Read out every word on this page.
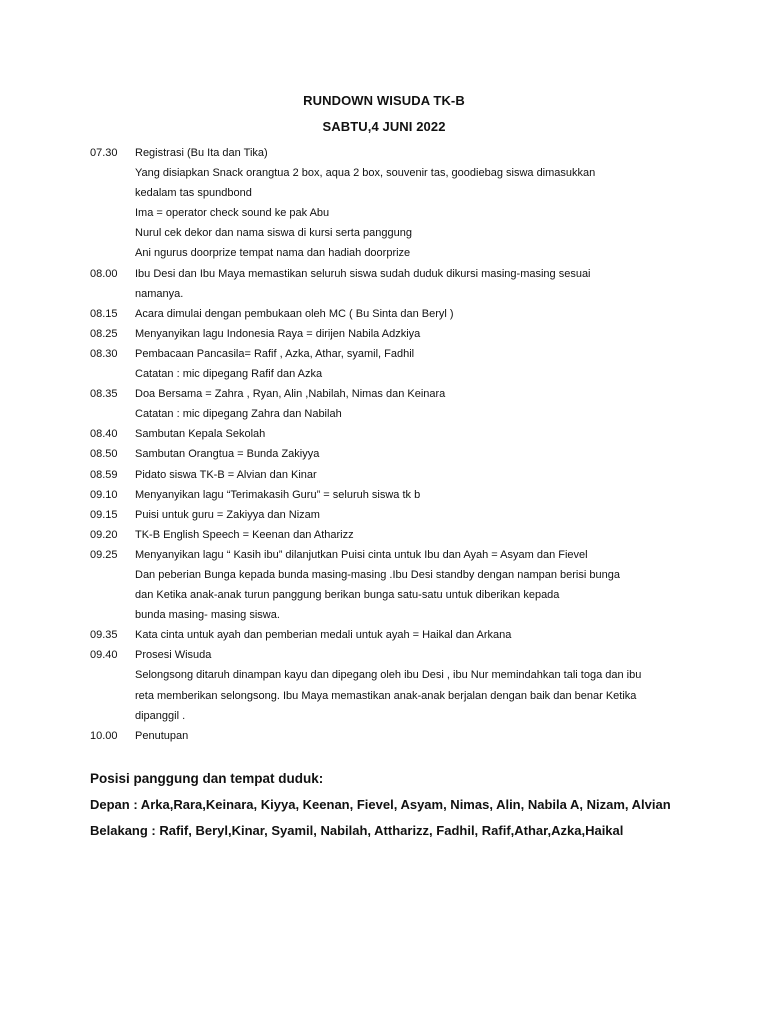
RUNDOWN WISUDA TK-B
SABTU,4 JUNI 2022
07.30 Registrasi (Bu Ita dan Tika)
Yang disiapkan Snack orangtua 2 box, aqua 2 box, souvenir tas, goodiebag siswa dimasukkan
kedalam tas spundbond
Ima = operator check sound ke pak Abu
Nurul cek dekor dan nama siswa di kursi serta panggung
Ani ngurus doorprize tempat nama dan hadiah doorprize
08.00 Ibu Desi dan Ibu Maya memastikan seluruh siswa sudah duduk dikursi masing-masing sesuai
namanya.
08.15 Acara dimulai dengan pembukaan oleh MC ( Bu Sinta dan Beryl )
08.25 Menyanyikan lagu Indonesia Raya = dirijen Nabila Adzkiya
08.30 Pembacaan Pancasila= Rafif , Azka, Athar, syamil, Fadhil
Catatan : mic dipegang Rafif dan Azka
08.35 Doa Bersama = Zahra , Ryan, Alin ,Nabilah, Nimas dan Keinara
Catatan : mic dipegang Zahra dan Nabilah
08.40 Sambutan Kepala Sekolah
08.50 Sambutan Orangtua = Bunda Zakiyya
08.59 Pidato siswa TK-B = Alvian dan Kinar
09.10 Menyanyikan lagu “Terimakasih Guru” = seluruh siswa tk b
09.15 Puisi untuk guru = Zakiyya dan Nizam
09.20 TK-B English Speech = Keenan dan Atharizz
09.25 Menyanyikan lagu “ Kasih ibu” dilanjutkan Puisi cinta untuk Ibu dan Ayah = Asyam dan Fievel
Dan peberian Bunga kepada bunda masing-masing .Ibu Desi standby dengan nampan berisi bunga
dan Ketika anak-anak turun panggung berikan bunga satu-satu untuk diberikan kepada
bunda masing- masing siswa.
09.35 Kata cinta untuk ayah dan pemberian medali untuk ayah = Haikal dan Arkana
09.40 Prosesi Wisuda
Selongsong ditaruh dinampan kayu dan dipegang oleh ibu Desi , ibu Nur memindahkan tali toga dan ibu
reta memberikan selongsong. Ibu Maya memastikan anak-anak berjalan dengan baik dan benar Ketika
dipanggil .
10.00 Penutupan
Posisi panggung dan tempat duduk:
Depan : Arka,Rara,Keinara, Kiyya, Keenan, Fievel, Asyam, Nimas, Alin, Nabila A, Nizam, Alvian
Belakang : Rafif, Beryl,Kinar, Syamil, Nabilah, Attharizz, Fadhil, Rafif,Athar,Azka,Haikal
